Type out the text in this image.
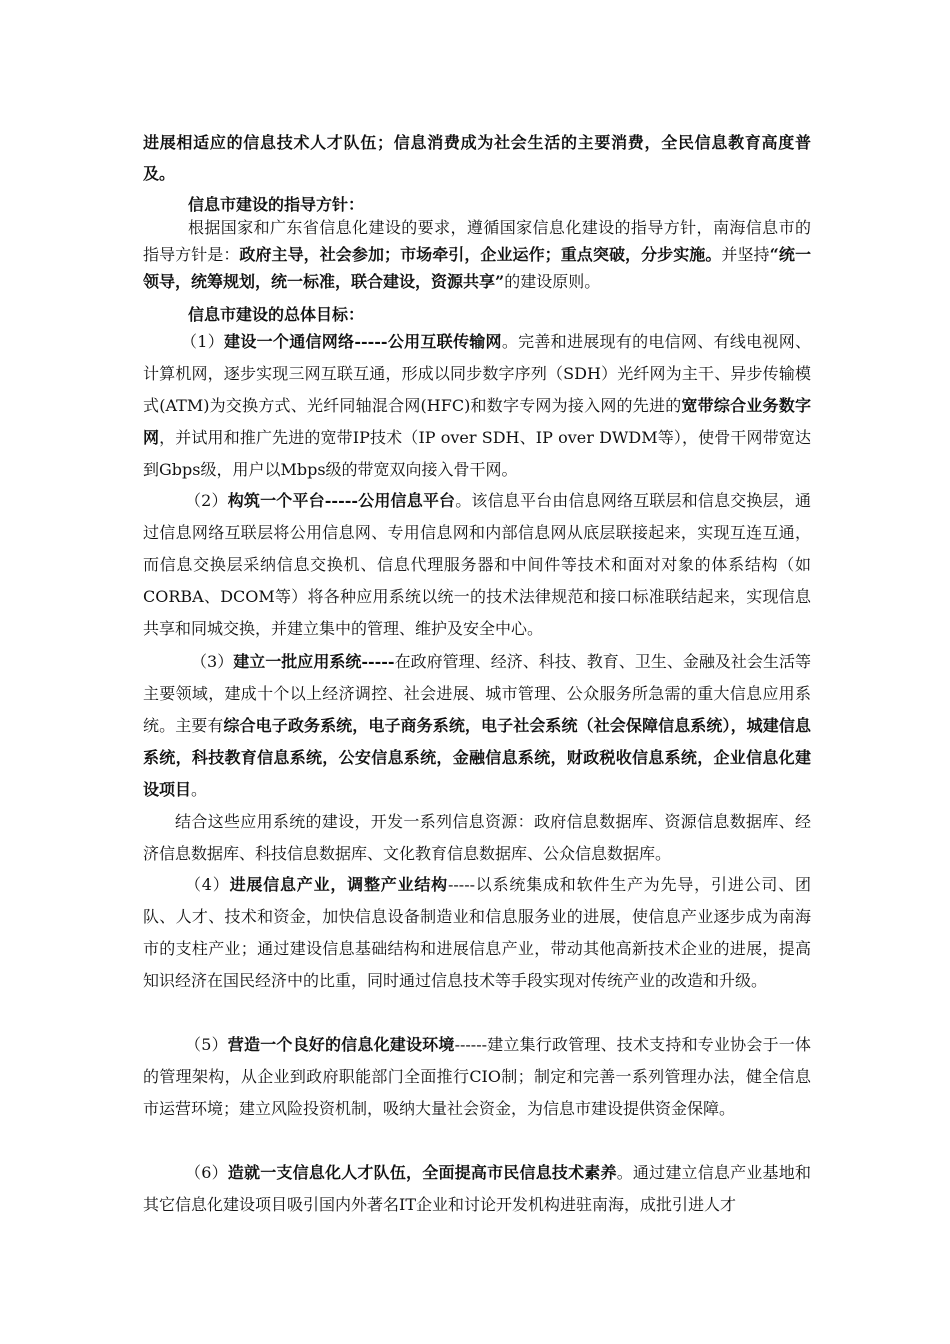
进展相适应的信息技术人才队伍；信息消费成为社会生活的主要消费，全民信息教育高度普及。

信息市建设的指导方针：

根据国家和广东省信息化建设的要求，遵循国家信息化建设的指导方针，南海信息市的指导方针是：政府主导，社会参加；市场牵引，企业运作；重点突破，分步实施。并坚持“统一领导，统筹规划，统一标准，联合建设，资源共享”的建设原则。

信息市建设的总体目标：

（1）建设一个通信网络-----公用互联传输网。完善和进展现有的电信网、有线电视网、计算机网，逐步实现三网互联互通，形成以同步数字序列（SDH）光纤网为主干、异步传输模式(ATM)为交换方式、光纤同轴混合网(HFC)和数字专网为接入网的先进的宽带综合业务数字网，并试用和推广先进的宽带IP技术（IP over SDH、IP over DWDM等），使骨干网带宽达到Gbps级，用户以Mbps级的带宽双向接入骨干网。

（2）构筑一个平台-----公用信息平台。该信息平台由信息网络互联层和信息交换层，通过信息网络互联层将公用信息网、专用信息网和内部信息网从底层联接起来，实现互连互通，而信息交换层采纳信息交换机、信息代理服务器和中间件等技术和面对对象的体系结构（如CORBA、DCOM等）将各种应用系统以统一的技术法律规范和接口标准联结起来，实现信息共享和同城交换，并建立集中的管理、维护及安全中心。

（3）建立一批应用系统-----在政府管理、经济、科技、教育、卫生、金融及社会生活等主要领域，建成十个以上经济调控、社会进展、城市管理、公众服务所急需的重大信息应用系统。主要有综合电子政务系统，电子商务系统，电子社会系统（社会保障信息系统），城建信息系统，科技教育信息系统，公安信息系统，金融信息系统，财政税收信息系统，企业信息化建设项目。

结合这些应用系统的建设，开发一系列信息资源：政府信息数据库、资源信息数据库、经济信息数据库、科技信息数据库、文化教育信息数据库、公众信息数据库。

（4）进展信息产业，调整产业结构-----以系统集成和软件生产为先导，引进公司、团队、人才、技术和资金，加快信息设备制造业和信息服务业的进展，使信息产业逐步成为南海市的支柱产业；通过建设信息基础结构和进展信息产业，带动其他高新技术企业的进展，提高知识经济在国民经济中的比重，同时通过信息技术等手段实现对传统产业的改造和升级。

（5）营造一个良好的信息化建设环境------建立集行政管理、技术支持和专业协会于一体的管理架构，从企业到政府职能部门全面推行CIO制；制定和完善一系列管理办法，健全信息市运营环境；建立风险投资机制，吸纳大量社会资金，为信息市建设提供资金保障。

（6）造就一支信息化人才队伍，全面提高市民信息技术素养。通过建立信息产业基地和其它信息化建设项目吸引国内外著名IT企业和讨论开发机构进驻南海，成批引进人才
